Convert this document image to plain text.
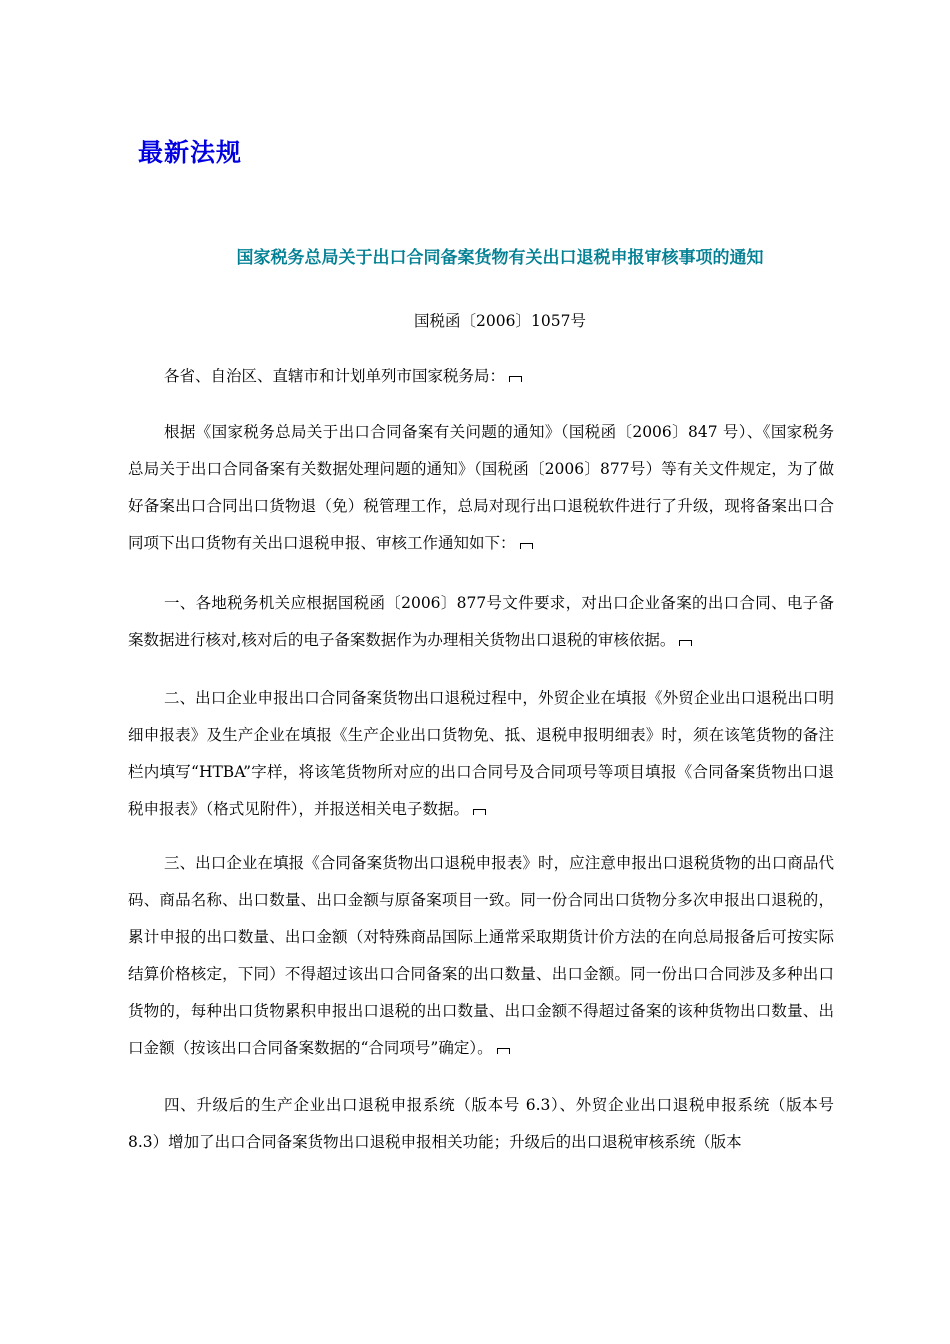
最新法规
国家税务总局关于出口合同备案货物有关出口退税申报审核事项的通知
国税函〔2006〕1057号

各省、自治区、直辖市和计划单列市国家税务局：

根据《国家税务总局关于出口合同备案有关问题的通知》（国税函〔2006〕847 号）、《国家税务总局关于出口合同备案有关数据处理问题的通知》（国税函〔2006〕877号）等有关文件规定，为了做好备案出口合同出口货物退（免）税管理工作，总局对现行出口退税软件进行了升级，现将备案出口合同项下出口货物有关出口退税申报、审核工作通知如下：

一、各地税务机关应根据国税函〔2006〕877号文件要求，对出口企业备案的出口合同、电子备案数据进行核对,核对后的电子备案数据作为办理相关货物出口退税的审核依据。

二、出口企业申报出口合同备案货物出口退税过程中，外贸企业在填报《外贸企业出口退税出口明细申报表》及生产企业在填报《生产企业出口货物免、抵、退税申报明细表》时，须在该笔货物的备注栏内填写“HTBA”字样，将该笔货物所对应的出口合同号及合同项号等项目填报《合同备案货物出口退税申报表》（格式见附件），并报送相关电子数据。

三、出口企业在填报《合同备案货物出口退税申报表》时，应注意申报出口退税货物的出口商品代码、商品名称、出口数量、出口金额与原备案项目一致。同一份合同出口货物分多次申报出口退税的，累计申报的出口数量、出口金额（对特殊商品国际上通常采取期货计价方法的在向总局报备后可按实际结算价格核定，下同）不得超过该出口合同备案的出口数量、出口金额。同一份出口合同涉及多种出口货物的，每种出口货物累积申报出口退税的出口数量、出口金额不得超过备案的该种货物出口数量、出口金额（按该出口合同备案数据的“合同项号”确定）。

四、升级后的生产企业出口退税申报系统（版本号 6.3）、外贸企业出口退税申报系统（版本号8.3）增加了出口合同备案货物出口退税申报相关功能；升级后的出口退税审核系统（版本
